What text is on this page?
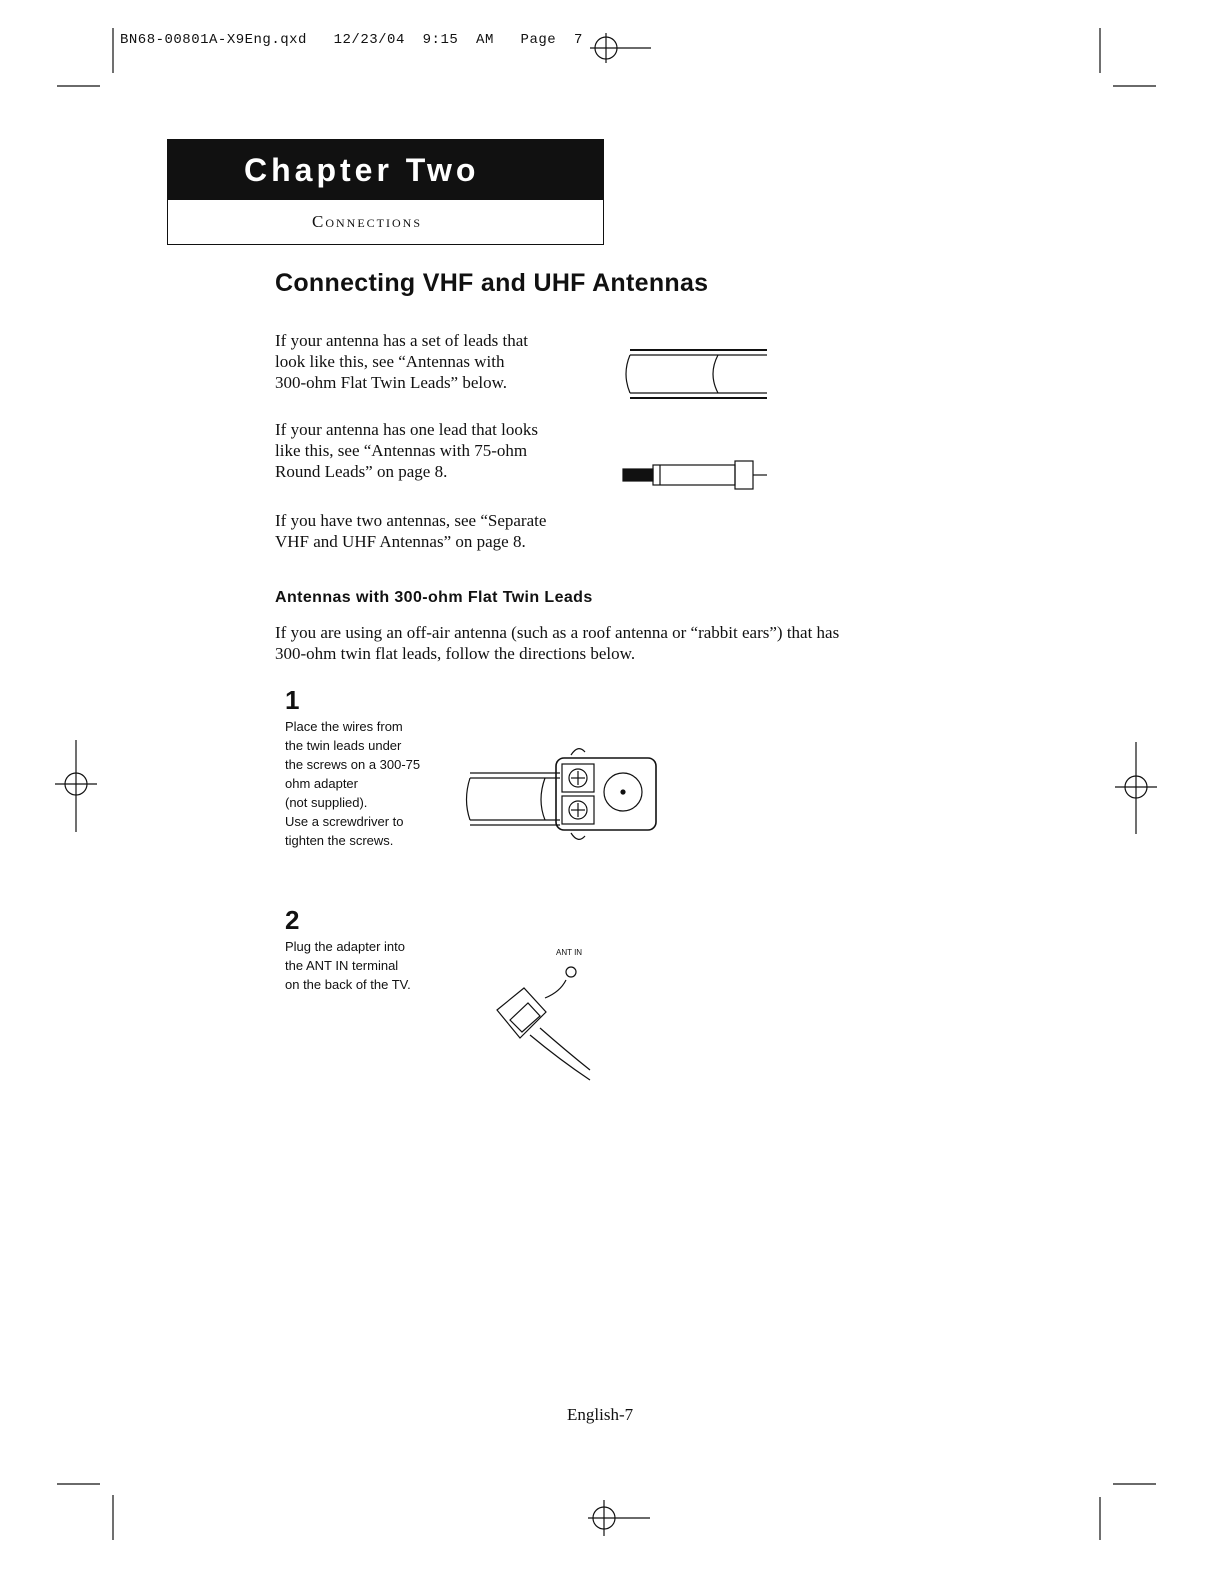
BN68-00801A-X9Eng.qxd   12/23/04  9:15  AM   Page  7
Chapter Two
Connections
Connecting VHF and UHF Antennas
If your antenna has a set of leads that
look like this, see “Antennas with
300-ohm Flat Twin Leads” below.
If your antenna has one lead that looks
like this, see “Antennas with 75-ohm
Round Leads” on page 8.
If you have two antennas, see “Separate
VHF and UHF Antennas” on page 8.
Antennas with 300-ohm Flat Twin Leads
If you are using an off-air antenna (such as a roof antenna or “rabbit ears”) that has
300-ohm twin flat leads, follow the directions below.
1
Place the wires from
the twin leads under
the screws on a 300-75
ohm adapter
(not supplied).
Use a screwdriver to
tighten the screws.
2
Plug the adapter into
the ANT IN terminal
on the back of the TV.
ANT IN
English-7
